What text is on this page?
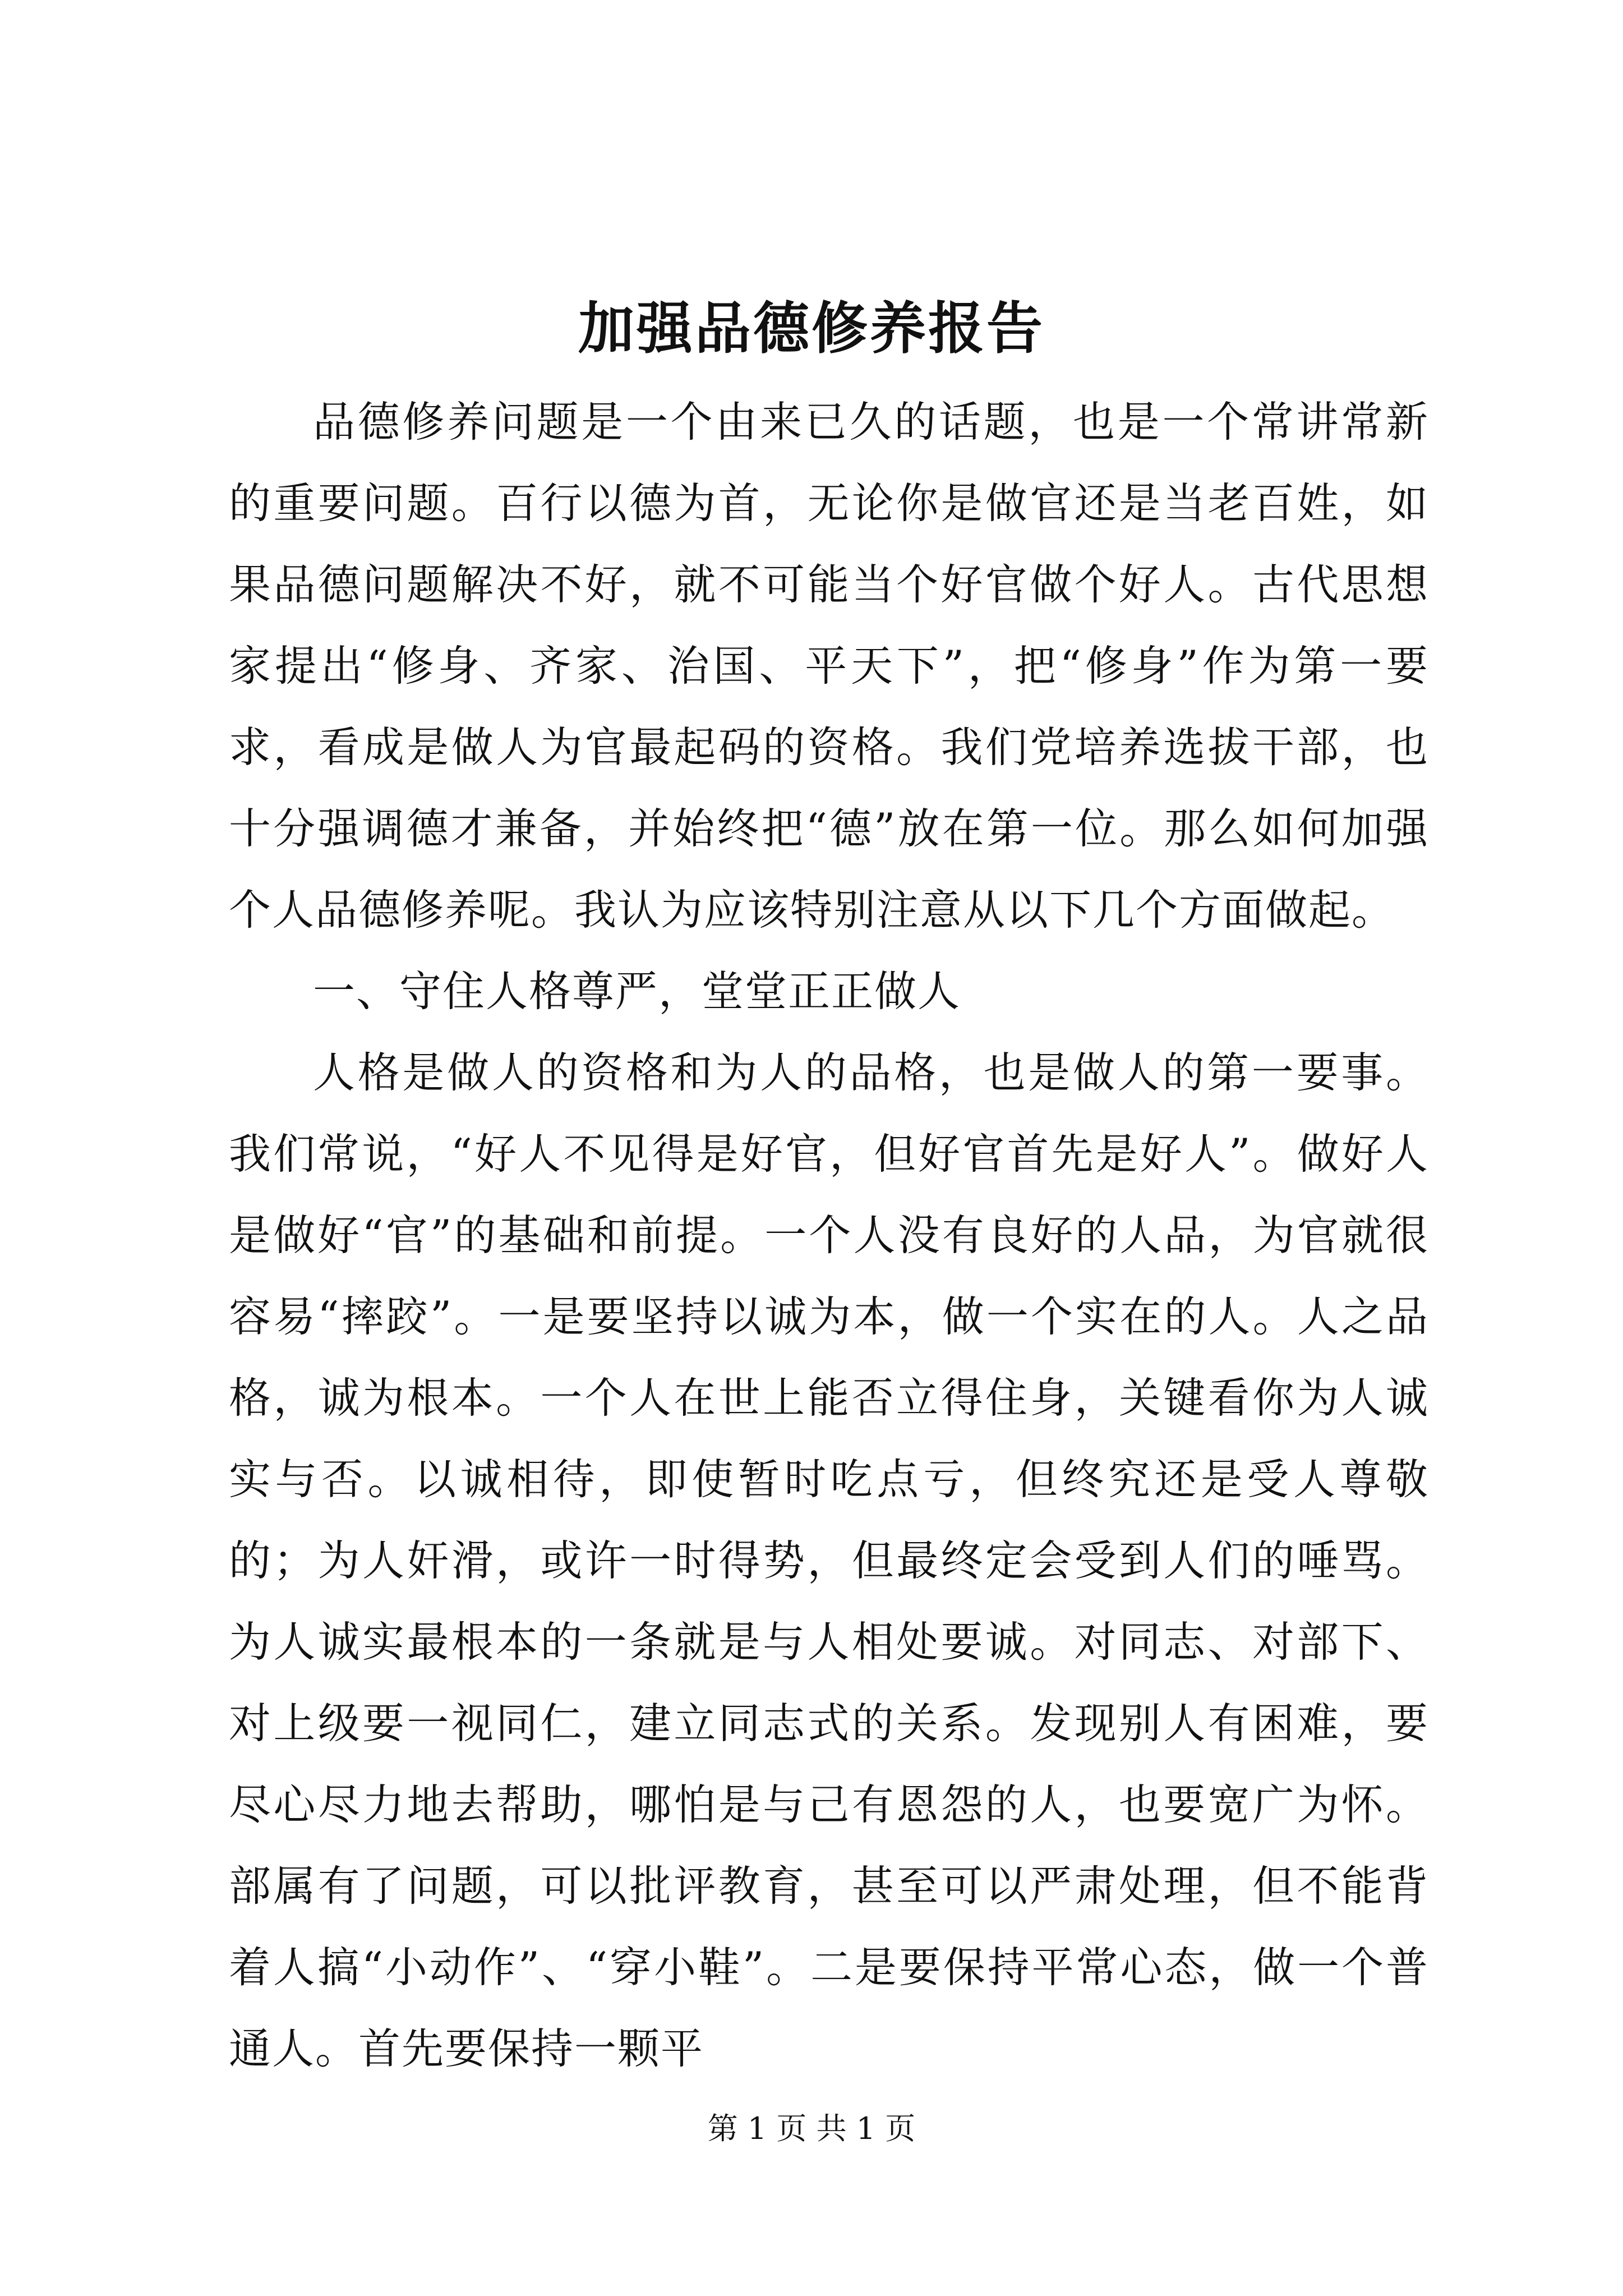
加强品德修养报告

品德修养问题是一个由来已久的话题，也是一个常讲常新的重要问题。百行以德为首，无论你是做官还是当老百姓，如果品德问题解决不好，就不可能当个好官做个好人。古代思想家提出“修身、齐家、治国、平天下”，把“修身”作为第一要求，看成是做人为官最起码的资格。我们党培养选拔干部，也十分强调德才兼备，并始终把“德”放在第一位。那么如何加强个人品德修养呢。我认为应该特别注意从以下几个方面做起。

一、守住人格尊严，堂堂正正做人

人格是做人的资格和为人的品格，也是做人的第一要事。我们常说，“好人不见得是好官，但好官首先是好人”。做好人是做好“官”的基础和前提。一个人没有良好的人品，为官就很容易“摔跤”。一是要坚持以诚为本，做一个实在的人。人之品格，诚为根本。一个人在世上能否立得住身，关键看你为人诚实与否。以诚相待，即使暂时吃点亏，但终究还是受人尊敬的；为人奸滑，或许一时得势，但最终定会受到人们的唾骂。为人诚实最根本的一条就是与人相处要诚。对同志、对部下、对上级要一视同仁，建立同志式的关系。发现别人有困难，要尽心尽力地去帮助，哪怕是与己有恩怨的人，也要宽广为怀。部属有了问题，可以批评教育，甚至可以严肃处理，但不能背着人搞“小动作”、“穿小鞋”。二是要保持平常心态，做一个普通人。首先要保持一颗平

第 1 页 共 1 页
